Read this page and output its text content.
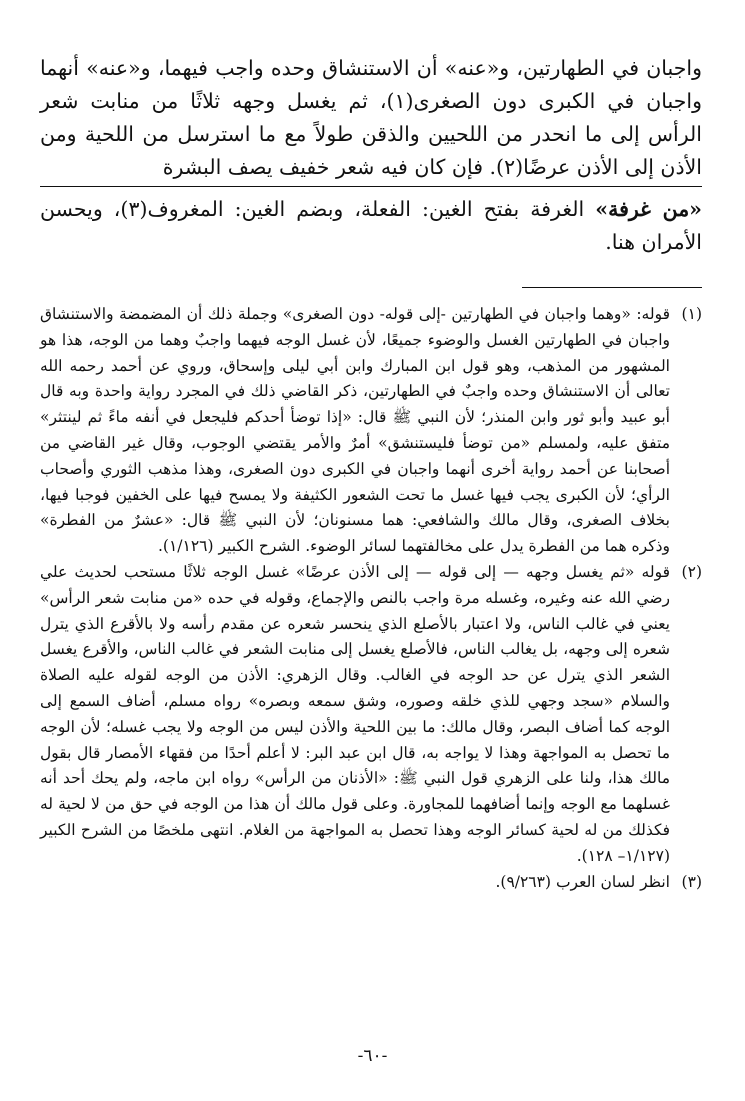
واجبان في الطهارتين، و«عنه» أن الاستنشاق وحده واجب فيهما، و«عنه» أنهما واجبان في الكبرى دون الصغرى(١)، ثم يغسل وجهه ثلاثًا من منابت شعر الرأس إلى ما انحدر من اللحيين والذقن طولاً مع ما استرسل من اللحية ومن الأذن إلى الأذن عرضًا(٢). فإن كان فيه شعر خفيف يصف البشرة

«من غرفة» الغرفة بفتح الغين: الفعلة، وبضم الغين: المغروف(٣)، ويحسن الأمران هنا.

(١)
قوله: «وهما واجبان في الطهارتين -إلى قوله- دون الصغرى» وجملة ذلك أن المضمضة والاستنشاق واجبان في الطهارتين الغسل والوضوء جميعًا، لأن غسل الوجه فيهما واجبٌ وهما من الوجه، هذا هو المشهور من المذهب، وهو قول ابن المبارك وابن أبي ليلى وإسحاق، وروي عن أحمد رحمه الله تعالى أن الاستنشاق وحده واجبٌ في الطهارتين، ذكر القاضي ذلك في المجرد رواية واحدة وبه قال أبو عبيد وأبو ثور وابن المنذر؛ لأن النبي ﷺ قال: «إذا توضأ أحدكم فليجعل في أنفه ماءً ثم لينتثر» متفق عليه، ولمسلم «من توضأ فليستنشق» أمرٌ والأمر يقتضي الوجوب، وقال غير القاضي من أصحابنا عن أحمد رواية أخرى أنهما واجبان في الكبرى دون الصغرى، وهذا مذهب الثوري وأصحاب الرأي؛ لأن الكبرى يجب فيها غسل ما تحت الشعور الكثيفة ولا يمسح فيها على الخفين فوجبا فيها، بخلاف الصغرى، وقال مالك والشافعي: هما مسنونان؛ لأن النبي ﷺ قال: «عشرٌ من الفطرة» وذكره هما من الفطرة يدل على مخالفتهما لسائر الوضوء. الشرح الكبير (١/١٢٦).
(٢)
قوله «ثم يغسل وجهه — إلى قوله — إلى الأذن عرضًا» غسل الوجه ثلاثًا مستحب لحديث علي رضي الله عنه وغيره، وغسله مرة واجب بالنص والإجماع، وقوله في حده «من منابت شعر الرأس» يعني في غالب الناس، ولا اعتبار بالأصلع الذي ينحسر شعره عن مقدم رأسه ولا بالأقرع الذي يترل شعره إلى وجهه، بل يغالب الناس، فالأصلع يغسل إلى منابت الشعر في غالب الناس، والأقرع يغسل الشعر الذي يترل عن حد الوجه في الغالب. وقال الزهري: الأذن من الوجه لقوله عليه الصلاة والسلام «سجد وجهي للذي خلقه وصوره، وشق سمعه وبصره» رواه مسلم، أضاف السمع إلى الوجه كما أضاف البصر، وقال مالك: ما بين اللحية والأذن ليس من الوجه ولا يجب غسله؛ لأن الوجه ما تحصل به المواجهة وهذا لا يواجه به، قال ابن عبد البر: لا أعلم أحدًا من فقهاء الأمصار قال بقول مالك هذا، ولنا على الزهري قول النبي ﷺ: «الأذنان من الرأس» رواه ابن ماجه، ولم يحك أحد أنه غسلهما مع الوجه وإنما أضافهما للمجاورة. وعلى قول مالك أن هذا من الوجه في حق من لا لحية له فكذلك من له لحية كسائر الوجه وهذا تحصل به المواجهة من الغلام. انتهى ملخصًا من الشرح الكبير (١/١٢٧– ١٢٨).
(٣)
انظر لسان العرب (٩/٢٦٣).
-٦٠-
